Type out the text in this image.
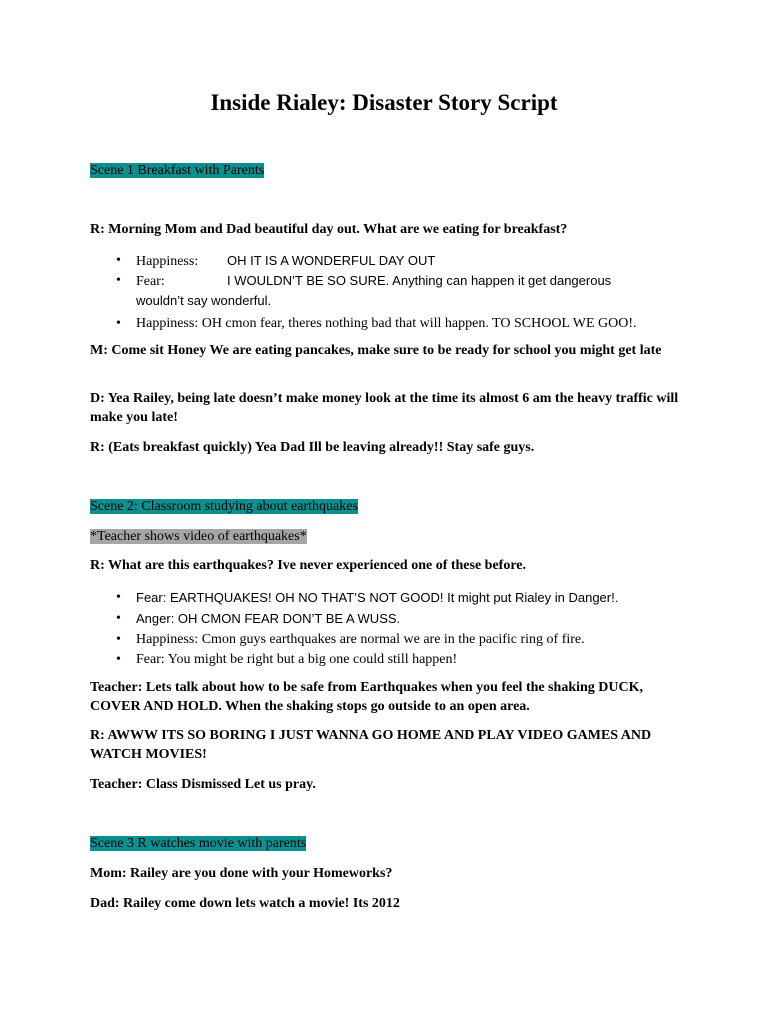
Inside Rialey: Disaster Story Script

Scene 1 Breakfast with Parents

R: Morning Mom and Dad beautiful day out. What are we eating for breakfast?

• Happiness: OH IT IS A WONDERFUL DAY OUT
• Fear:	I WOULDN’T BE SO SURE. Anything can happen it get dangerous
wouldn’t say wonderful.
• Happiness: OH cmon fear, theres nothing bad that will happen. TO SCHOOL WE GOO!.

M: Come sit Honey We are eating pancakes, make sure to be ready for school you might get late

D: Yea Railey, being late doesn’t make money look at the time its almost 6 am the heavy traffic will make you late!

R: (Eats breakfast quickly) Yea Dad Ill be leaving already!! Stay safe guys.

Scene 2: Classroom studying about earthquakes

*Teacher shows video of earthquakes*

R: What are this earthquakes? Ive never experienced one of these before.

• Fear: EARTHQUAKES! OH NO THAT’S NOT GOOD! It might put Rialey in Danger!.
• Anger: OH CMON FEAR DON’T BE A WUSS.
• Happiness: Cmon guys earthquakes are normal we are in the pacific ring of fire.
• Fear: You might be right but a big one could still happen!

Teacher: Lets talk about how to be safe from Earthquakes when you feel the shaking DUCK, COVER AND HOLD. When the shaking stops go outside to an open area.

R: AWWW ITS SO BORING I JUST WANNA GO HOME AND PLAY VIDEO GAMES AND WATCH MOVIES!

Teacher: Class Dismissed Let us pray.

Scene 3 R watches movie with parents

Mom: Railey are you done with your Homeworks?

Dad: Railey come down lets watch a movie! Its 2012
